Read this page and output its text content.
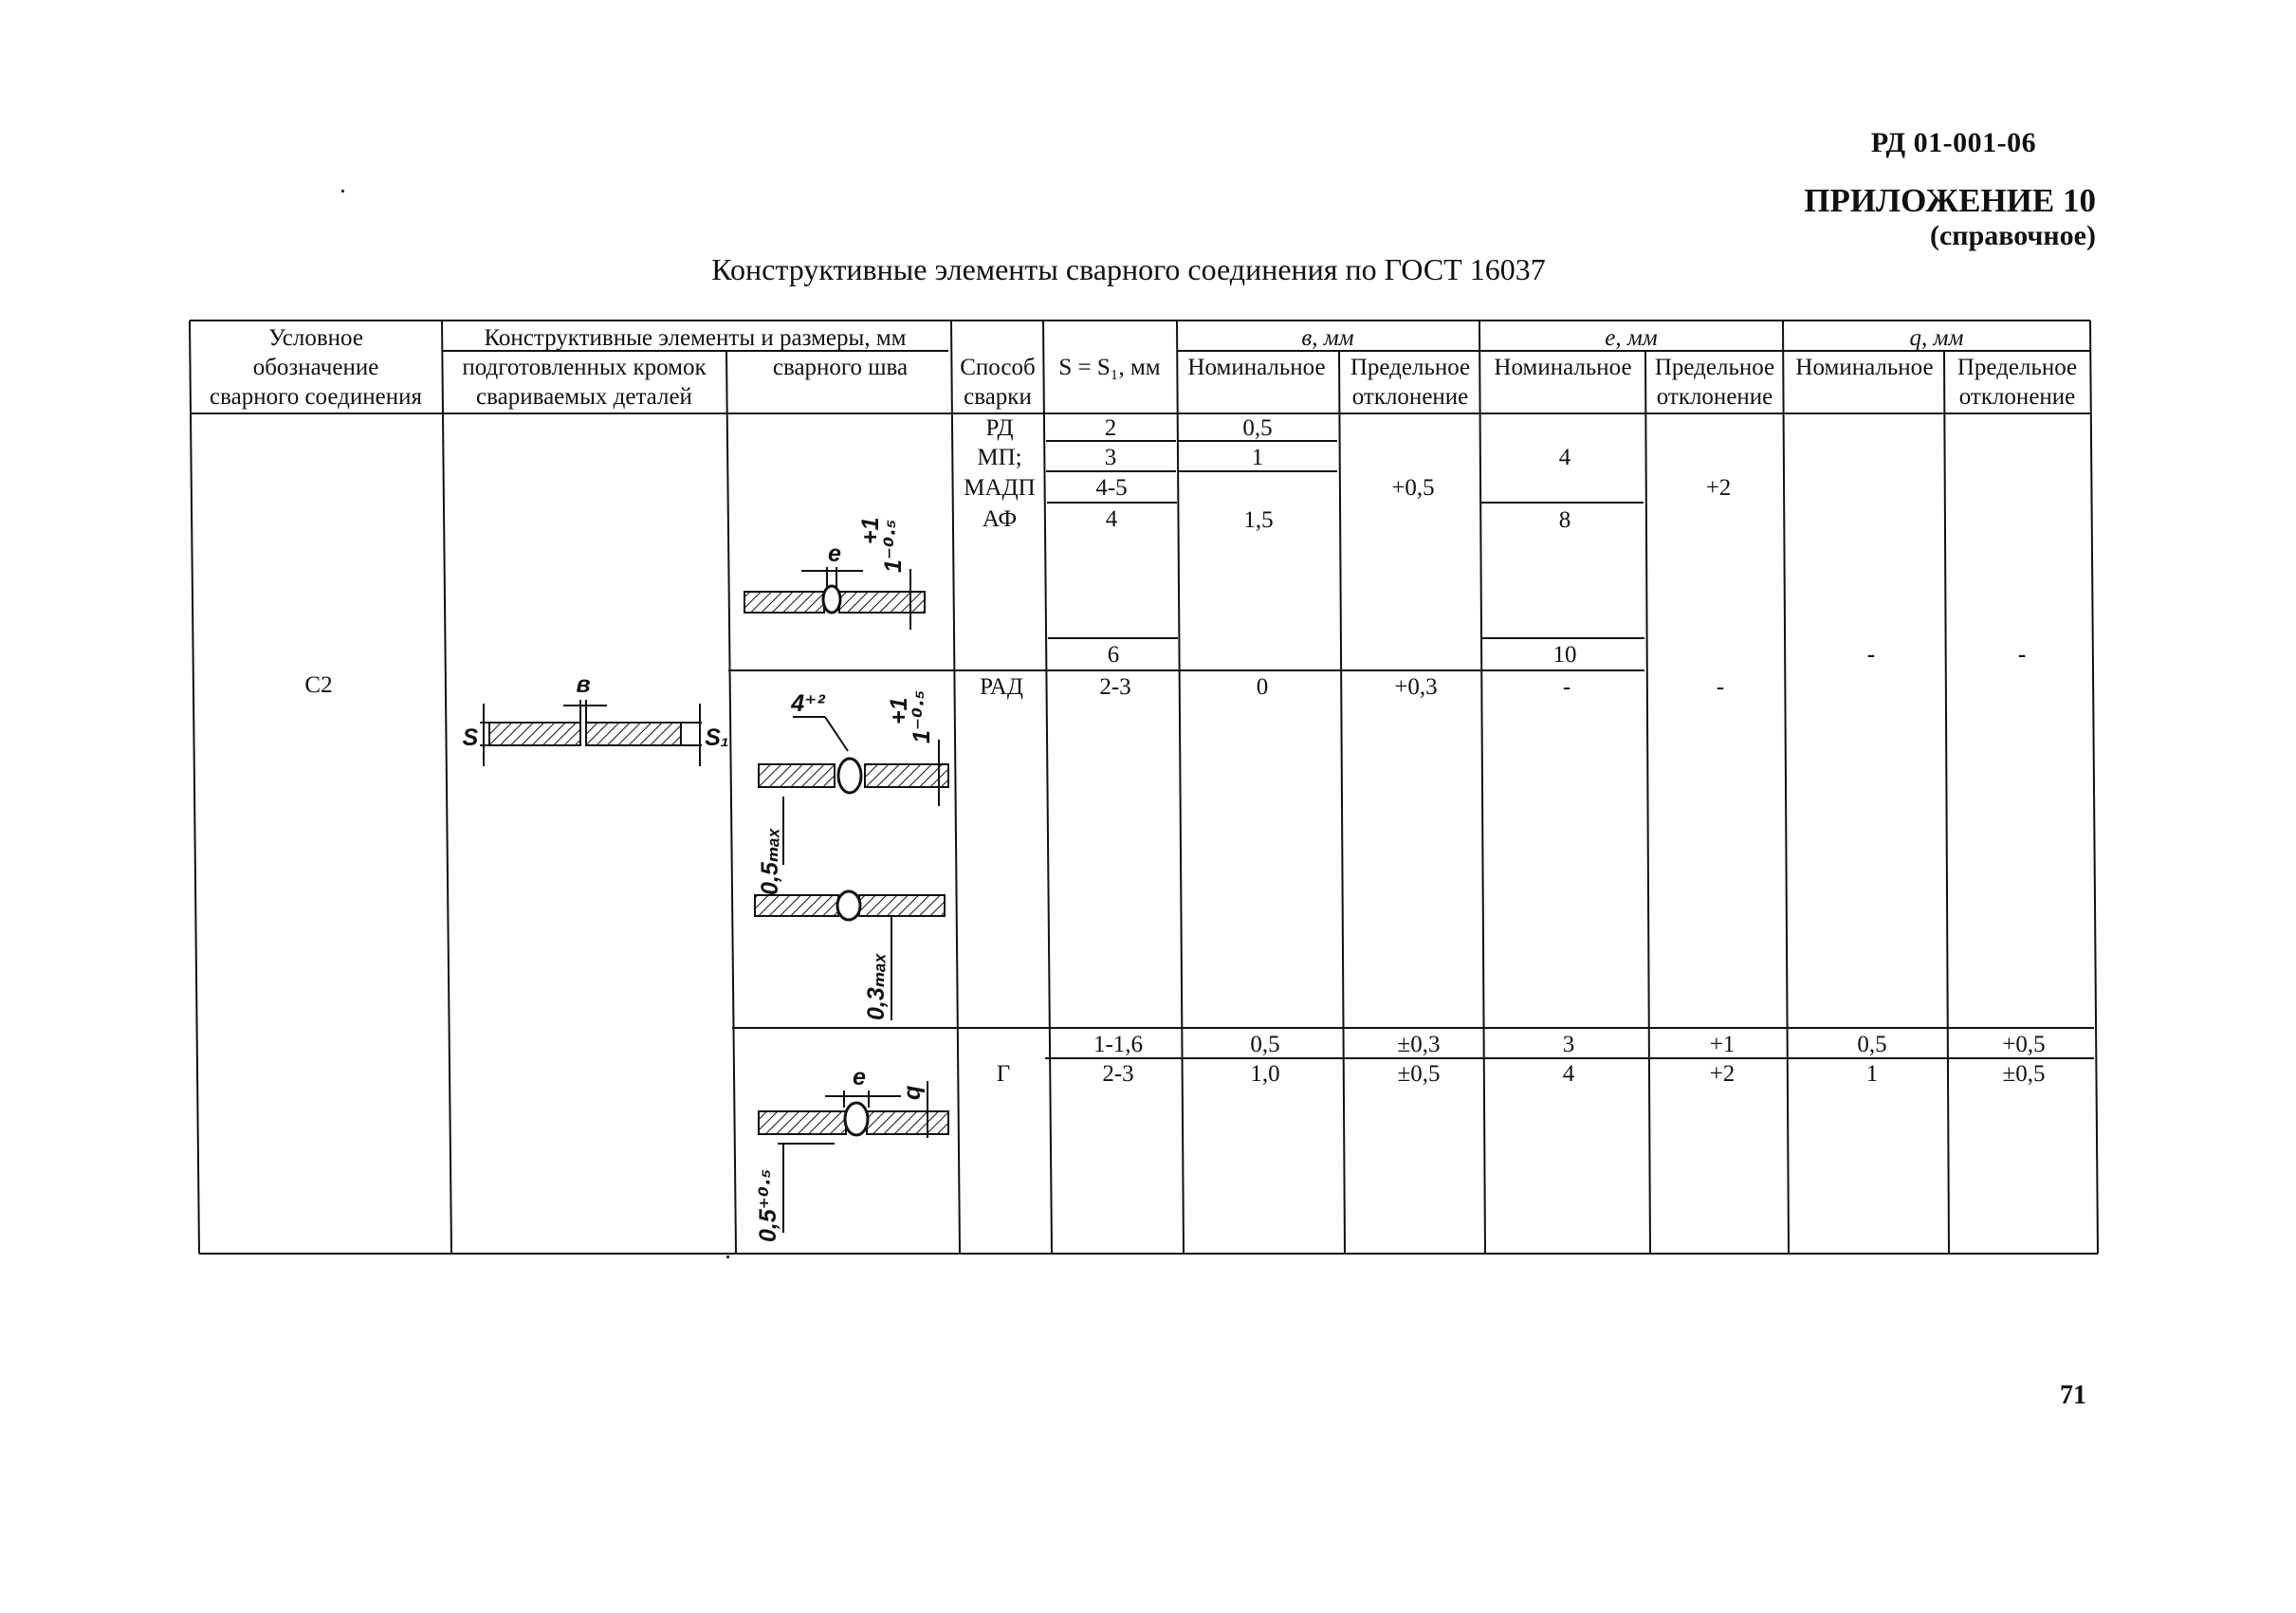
РД 01-001-06
ПРИЛОЖЕНИЕ 10
(справочное)
Конструктивные элементы сварного соединения по ГОСТ 16037
Условное
обозначение
сварного соединения
Конструктивные элементы и размеры, мм
подготовленных кромок
свариваемых деталей
сварного шва Способ
сварки
S = S₁, мм
в, мм
Номинальное Предельное
отклонение
е, мм
Номинальное Предельное
отклонение
q, мм
Номинальное Предельное
отклонение
С2
РД
МП;
МАДП
АФ
РАД
Г
2
3
4-5
4
6
2-3
1-1,6
2-3
0,5
1
1,5
0
0,5
1,0
+0,5
+0,3
±0,3
±0,5
4
8
10
-
3
4
+2
-
+1
+2
-
0,5
1
-
+0,5
±0,5
в
S	S₁
е 1⁻⁰·⁵
+1
4⁺²	1⁻⁰·⁵
+1
0,5ₘₐₓ
0,3ₘₐₓ
е
q
0,5⁺⁰·⁵
71
